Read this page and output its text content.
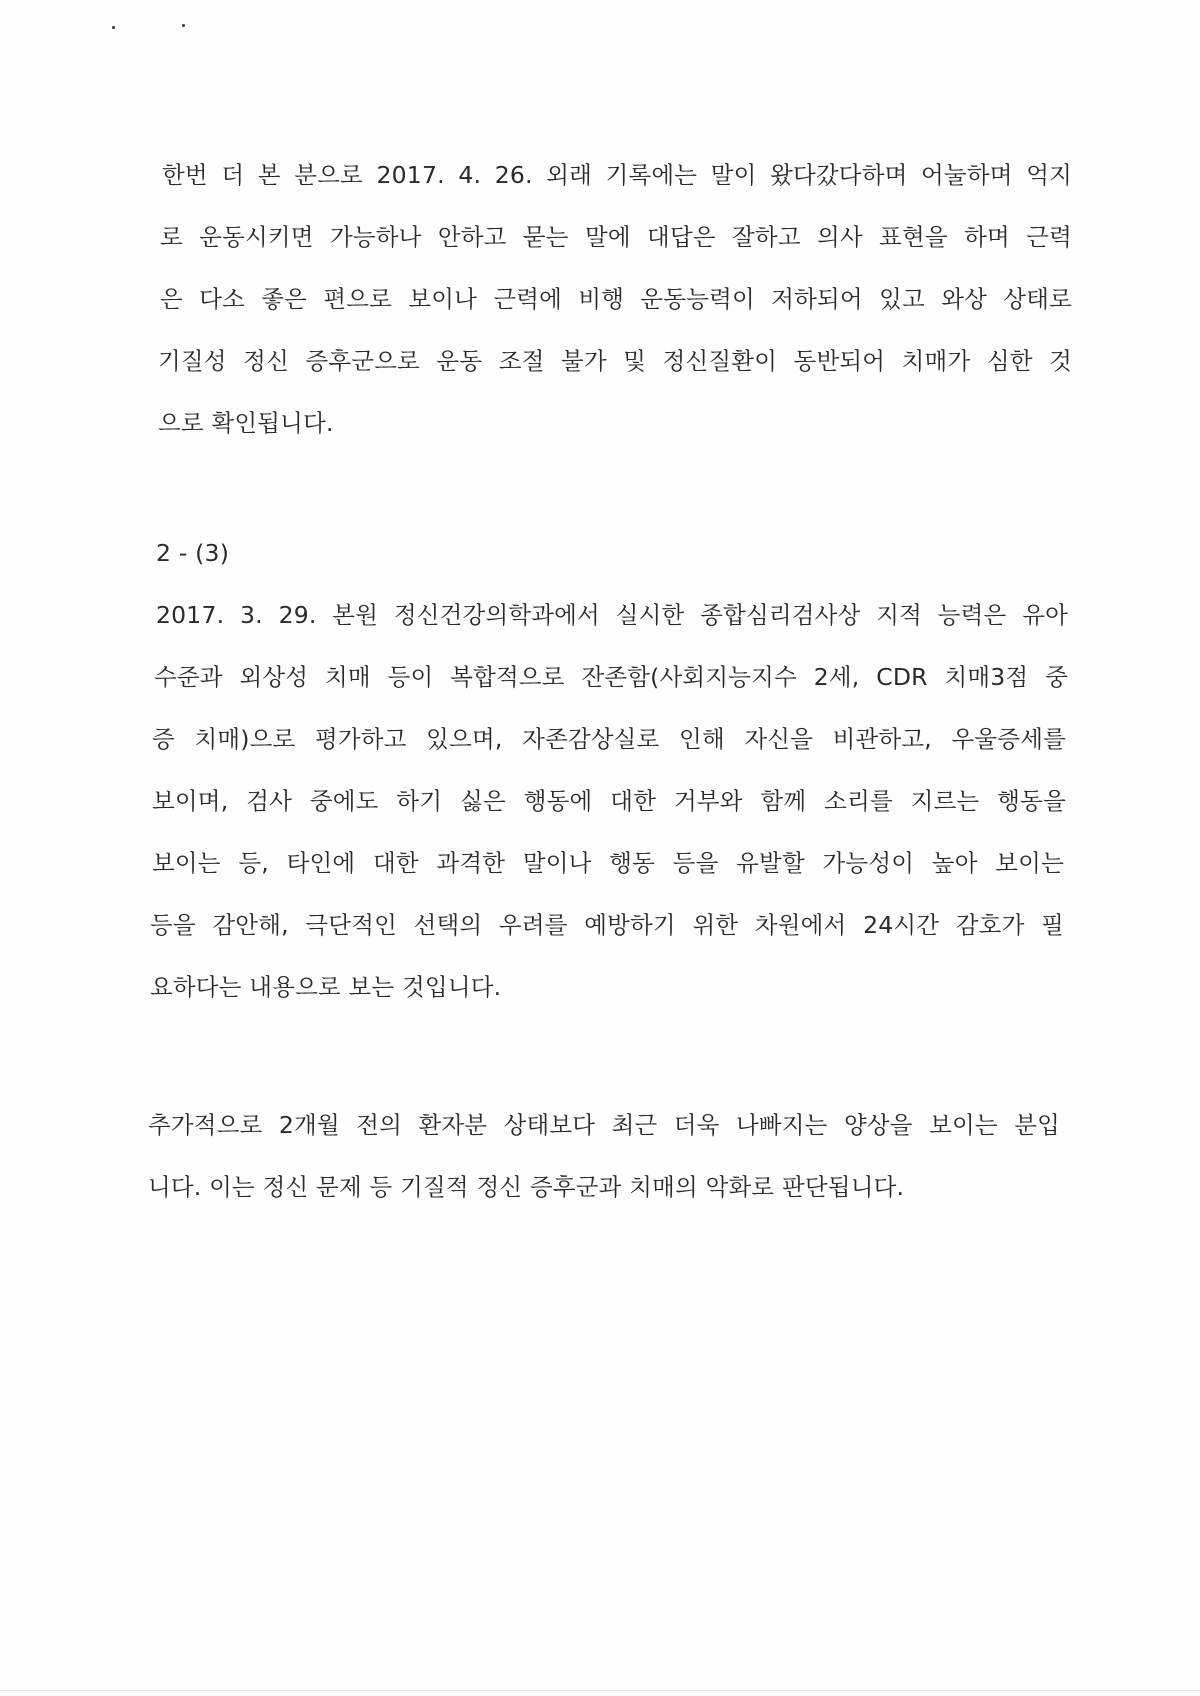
한번 더 본 분으로 2017. 4. 26. 외래 기록에는 말이 왔다갔다하며 어눌하며 억지
로 운동시키면 가능하나 안하고 묻는 말에 대답은 잘하고 의사 표현을 하며 근력
은 다소 좋은 편으로 보이나 근력에 비행 운동능력이 저하되어 있고 와상 상태로
기질성 정신 증후군으로 운동 조절 불가 및 정신질환이 동반되어 치매가 심한 것
으로 확인됩니다.
2 - (3)
2017. 3. 29. 본원 정신건강의학과에서 실시한 종합심리검사상 지적 능력은 유아
수준과 외상성 치매 등이 복합적으로 잔존함(사회지능지수 2세, CDR 치매3점 중
증 치매)으로 평가하고 있으며, 자존감상실로 인해 자신을 비관하고, 우울증세를
보이며, 검사 중에도 하기 싫은 행동에 대한 거부와 함께 소리를 지르는 행동을
보이는 등, 타인에 대한 과격한 말이나 행동 등을 유발할 가능성이 높아 보이는
등을 감안해, 극단적인 선택의 우려를 예방하기 위한 차원에서 24시간 감호가 필
요하다는 내용으로 보는 것입니다.
추가적으로 2개월 전의 환자분 상태보다 최근 더욱 나빠지는 양상을 보이는 분입
니다. 이는 정신 문제 등 기질적 정신 증후군과 치매의 악화로 판단됩니다.
